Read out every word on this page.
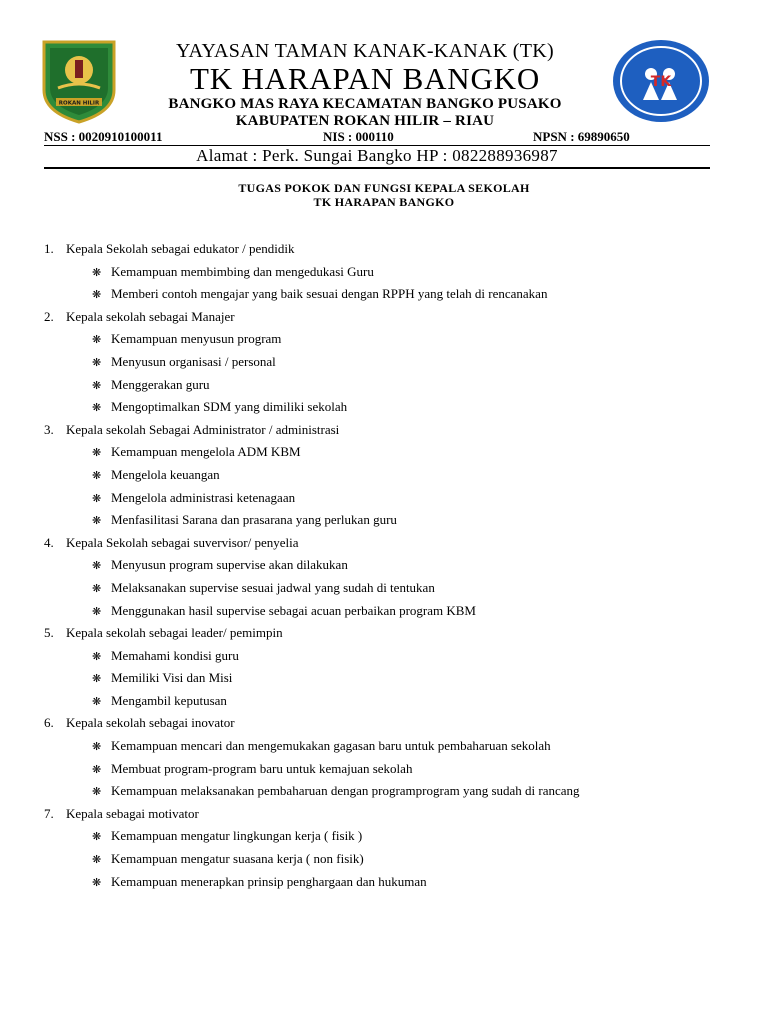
ROKAN HILIR
TK
YAYASAN TAMAN KANAK-KANAK (TK)
TK HARAPAN BANGKO
BANGKO MAS RAYA KECAMATAN BANGKO PUSAKO
KABUPATEN ROKAN HILIR – RIAU
NSS : 0020910100011	NIS : 000110	NPSN : 69890650
Alamat : Perk. Sungai Bangko HP : 082288936987
TUGAS POKOK DAN FUNGSI KEPALA SEKOLAH
TK HARAPAN BANGKO
1. Kepala Sekolah sebagai edukator / pendidik
❋ Kemampuan membimbing dan mengedukasi Guru
❋ Memberi contoh mengajar yang baik sesuai dengan RPPH yang telah di rencanakan
2. Kepala sekolah sebagai Manajer
❋ Kemampuan menyusun program
❋ Menyusun organisasi / personal
❋ Menggerakan guru
❋ Mengoptimalkan SDM yang dimiliki sekolah
3. Kepala sekolah Sebagai Administrator / administrasi
❋ Kemampuan mengelola ADM KBM
❋ Mengelola keuangan
❋ Mengelola administrasi ketenagaan
❋ Menfasilitasi Sarana dan prasarana yang perlukan guru
4. Kepala Sekolah sebagai suvervisor/ penyelia
❋ Menyusun program supervise akan dilakukan
❋ Melaksanakan supervise sesuai jadwal yang sudah di tentukan
❋ Menggunakan hasil supervise sebagai acuan perbaikan program KBM
5. Kepala sekolah sebagai leader/ pemimpin
❋ Memahami kondisi guru
❋ Memiliki Visi dan Misi
❋ Mengambil keputusan
6. Kepala sekolah sebagai inovator
❋ Kemampuan mencari dan mengemukakan gagasan baru untuk pembaharuan sekolah
❋ Membuat program-program baru untuk kemajuan sekolah
❋ Kemampuan melaksanakan pembaharuan dengan programprogram yang sudah di rancang
7. Kepala sebagai motivator
❋ Kemampuan mengatur lingkungan kerja ( fisik )
❋ Kemampuan mengatur suasana kerja ( non fisik)
❋ Kemampuan menerapkan prinsip penghargaan dan hukuman
